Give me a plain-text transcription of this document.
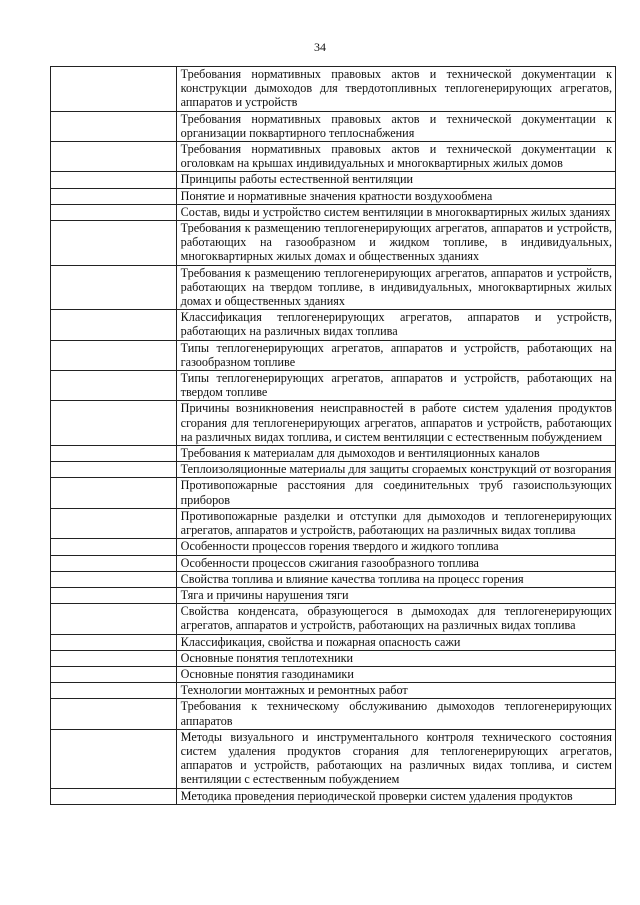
34
		Требования нормативных правовых актов и технической документации к конструкции дымоходов для твердотопливных теплогенерирующих агрегатов, аппаратов и устройств
		Требования нормативных правовых актов и технической документации к организации поквартирного теплоснабжения
		Требования нормативных правовых актов и технической документации к оголовкам на крышах индивидуальных и многоквартирных жилых домов
		Принципы работы естественной вентиляции
		Понятие и нормативные значения кратности воздухообмена
		Состав, виды и устройство систем вентиляции в многоквартирных жилых зданиях
		Требования к размещению теплогенерирующих агрегатов, аппаратов и устройств, работающих на газообразном и жидком топливе, в индивидуальных, многоквартирных жилых домах и общественных зданиях
		Требования к размещению теплогенерирующих агрегатов, аппаратов и устройств, работающих на твердом топливе, в индивидуальных, многоквартирных жилых домах и общественных зданиях
		Классификация теплогенерирующих агрегатов, аппаратов и устройств, работающих на различных видах топлива
		Типы теплогенерирующих агрегатов, аппаратов и устройств, работающих на газообразном топливе
		Типы теплогенерирующих агрегатов, аппаратов и устройств, работающих на твердом топливе
		Причины возникновения неисправностей в работе систем удаления продуктов сгорания для теплогенерирующих агрегатов, аппаратов и устройств, работающих на различных видах топлива, и систем вентиляции с естественным побуждением
		Требования к материалам для дымоходов и вентиляционных каналов
		Теплоизоляционные материалы для защиты сгораемых конструкций от возгорания
		Противопожарные расстояния для соединительных труб газоиспользующих приборов
		Противопожарные разделки и отступки для дымоходов и теплогенерирующих агрегатов, аппаратов и устройств, работающих на различных видах топлива
		Особенности процессов горения твердого и жидкого топлива
		Особенности процессов сжигания газообразного топлива
		Свойства топлива и влияние качества топлива на процесс горения
		Тяга и причины нарушения тяги
		Свойства конденсата, образующегося в дымоходах для теплогенерирующих агрегатов, аппаратов и устройств, работающих на различных видах топлива
		Классификация, свойства и пожарная опасность сажи
		Основные понятия теплотехники
		Основные понятия газодинамики
		Технологии монтажных и ремонтных работ
		Требования к техническому обслуживанию дымоходов теплогенерирующих аппаратов
		Методы визуального и инструментального контроля технического состояния систем удаления продуктов сгорания для теплогенерирующих агрегатов, аппаратов и устройств, работающих на различных видах топлива, и систем вентиляции с естественным побуждением
		Методика проведения периодической проверки систем удаления продуктов
